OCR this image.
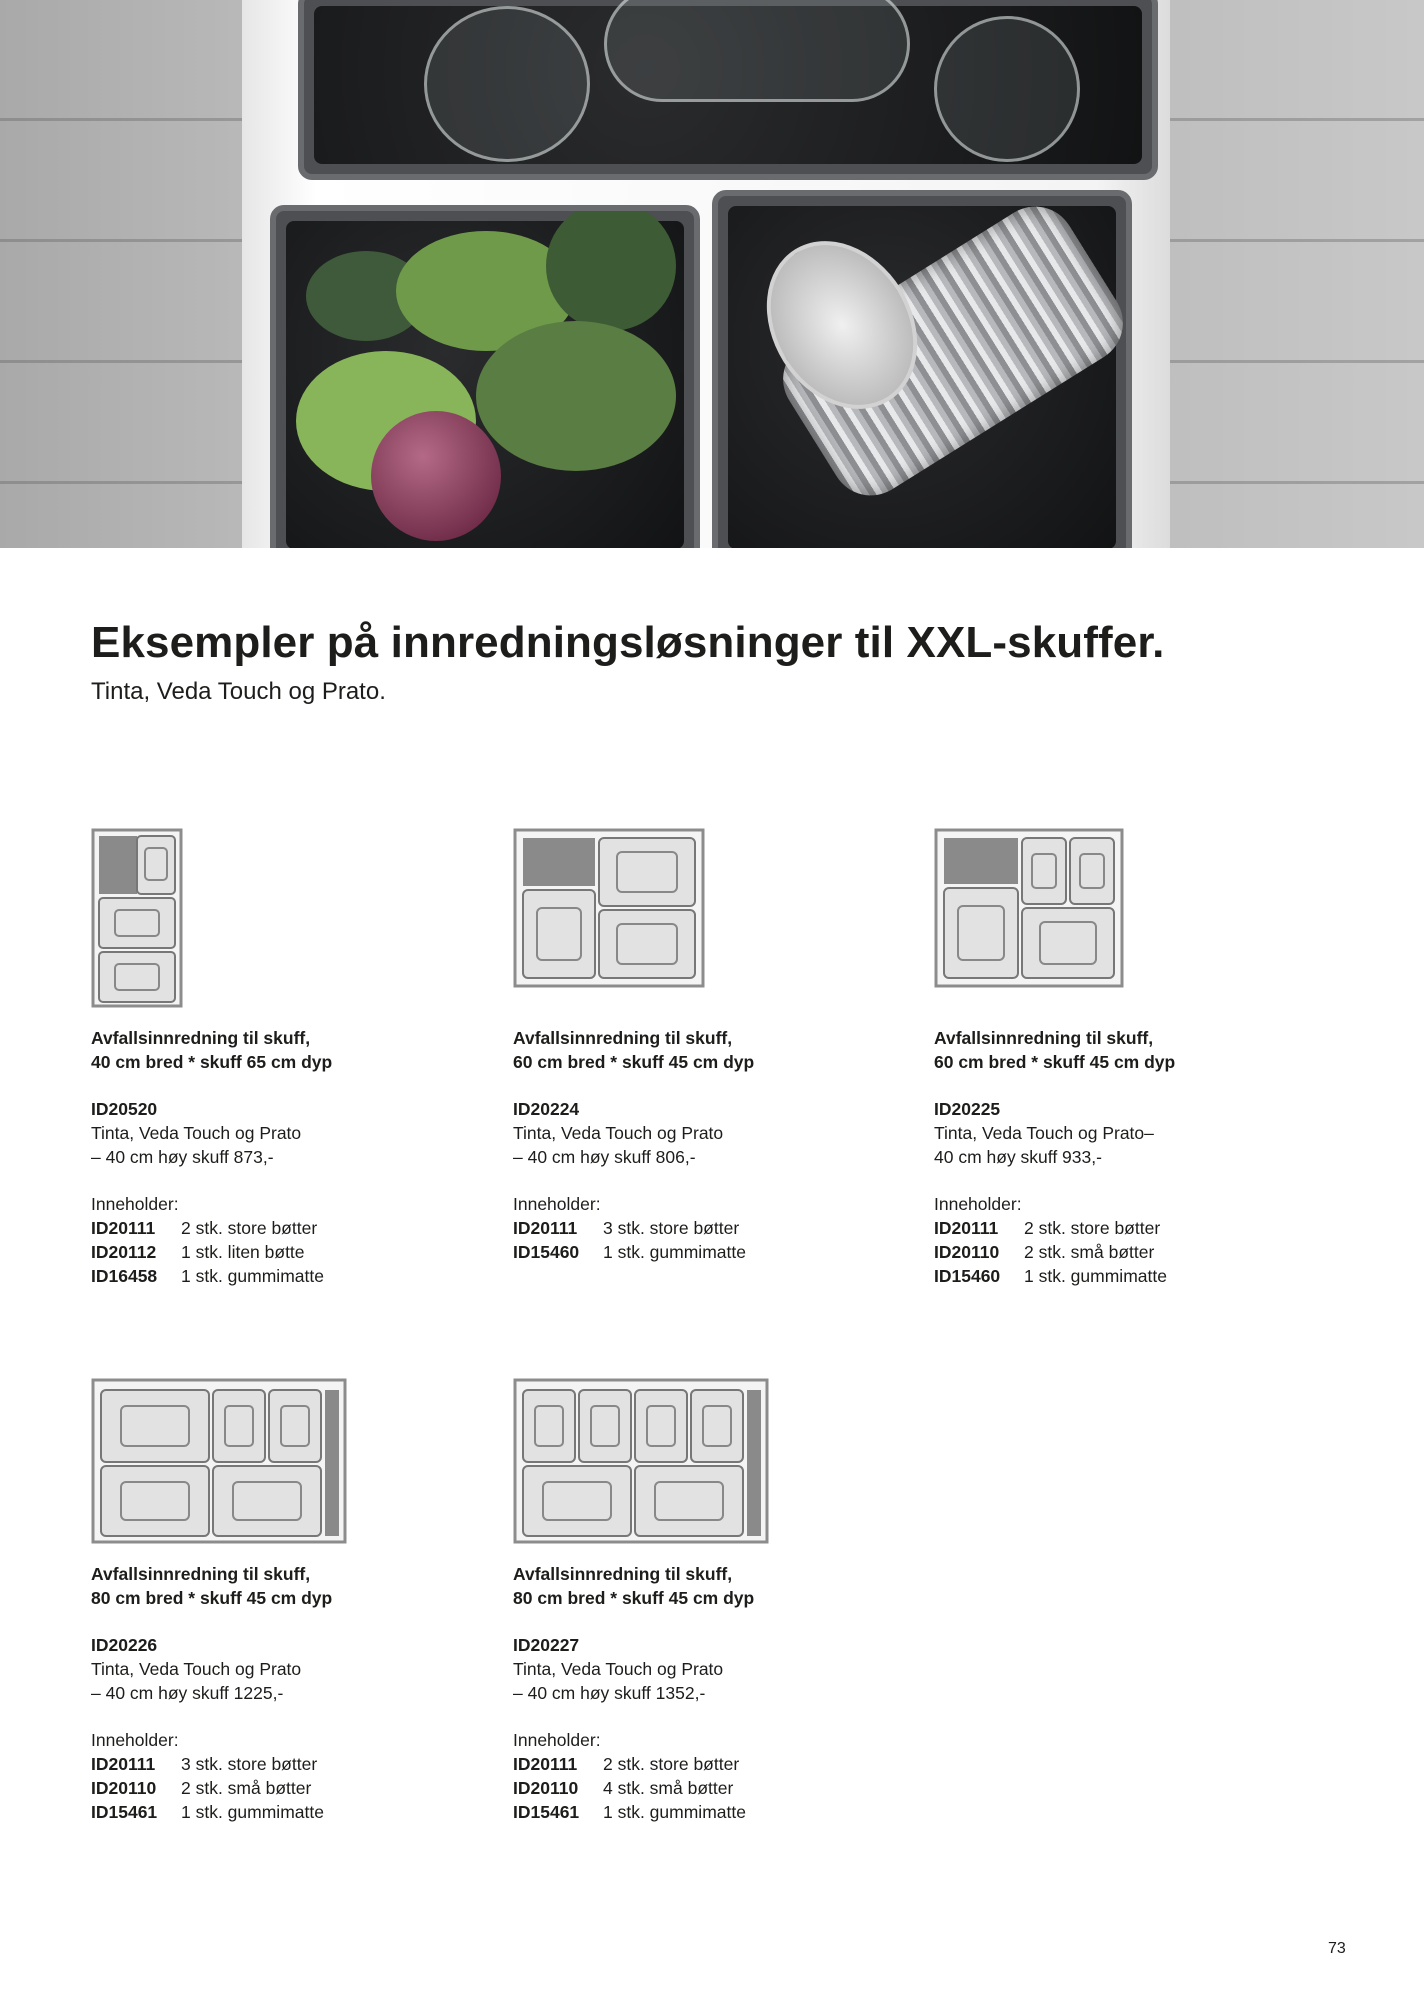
Eksempler på innredningsløsninger til XXL-skuffer.

Tinta, Veda Touch og Prato.

Avfallsinnredning til skuff,

40 cm bred * skuff 65 cm dyp

ID20520

Tinta, Veda Touch og Prato

– 40 cm høy skuff 873,-

Inneholder:

ID20111	2 stk. store bøtter
ID20112	1 stk. liten bøtte
ID16458	1 stk. gummimatte

Avfallsinnredning til skuff,

60 cm bred * skuff 45 cm dyp

ID20224

Tinta, Veda Touch og Prato

– 40 cm høy skuff 806,-

Inneholder:

ID20111	3 stk. store bøtter
ID15460	1 stk. gummimatte

Avfallsinnredning til skuff,

60 cm bred * skuff 45 cm dyp

ID20225

Tinta, Veda Touch og Prato–

40 cm høy skuff 933,-

Inneholder:

ID20111	2 stk. store bøtter
ID20110	2 stk. små bøtter
ID15460	1 stk. gummimatte

Avfallsinnredning til skuff,

80 cm bred * skuff 45 cm dyp

ID20226

Tinta, Veda Touch og Prato

– 40 cm høy skuff 1225,-

Inneholder:

ID20111	3 stk. store bøtter
ID20110	2 stk. små bøtter
ID15461	1 stk. gummimatte

Avfallsinnredning til skuff,

80 cm bred * skuff 45 cm dyp

ID20227

Tinta, Veda Touch og Prato

– 40 cm høy skuff 1352,-

Inneholder:

ID20111	2 stk. store bøtter
ID20110	4 stk. små bøtter
ID15461	1 stk. gummimatte
73
